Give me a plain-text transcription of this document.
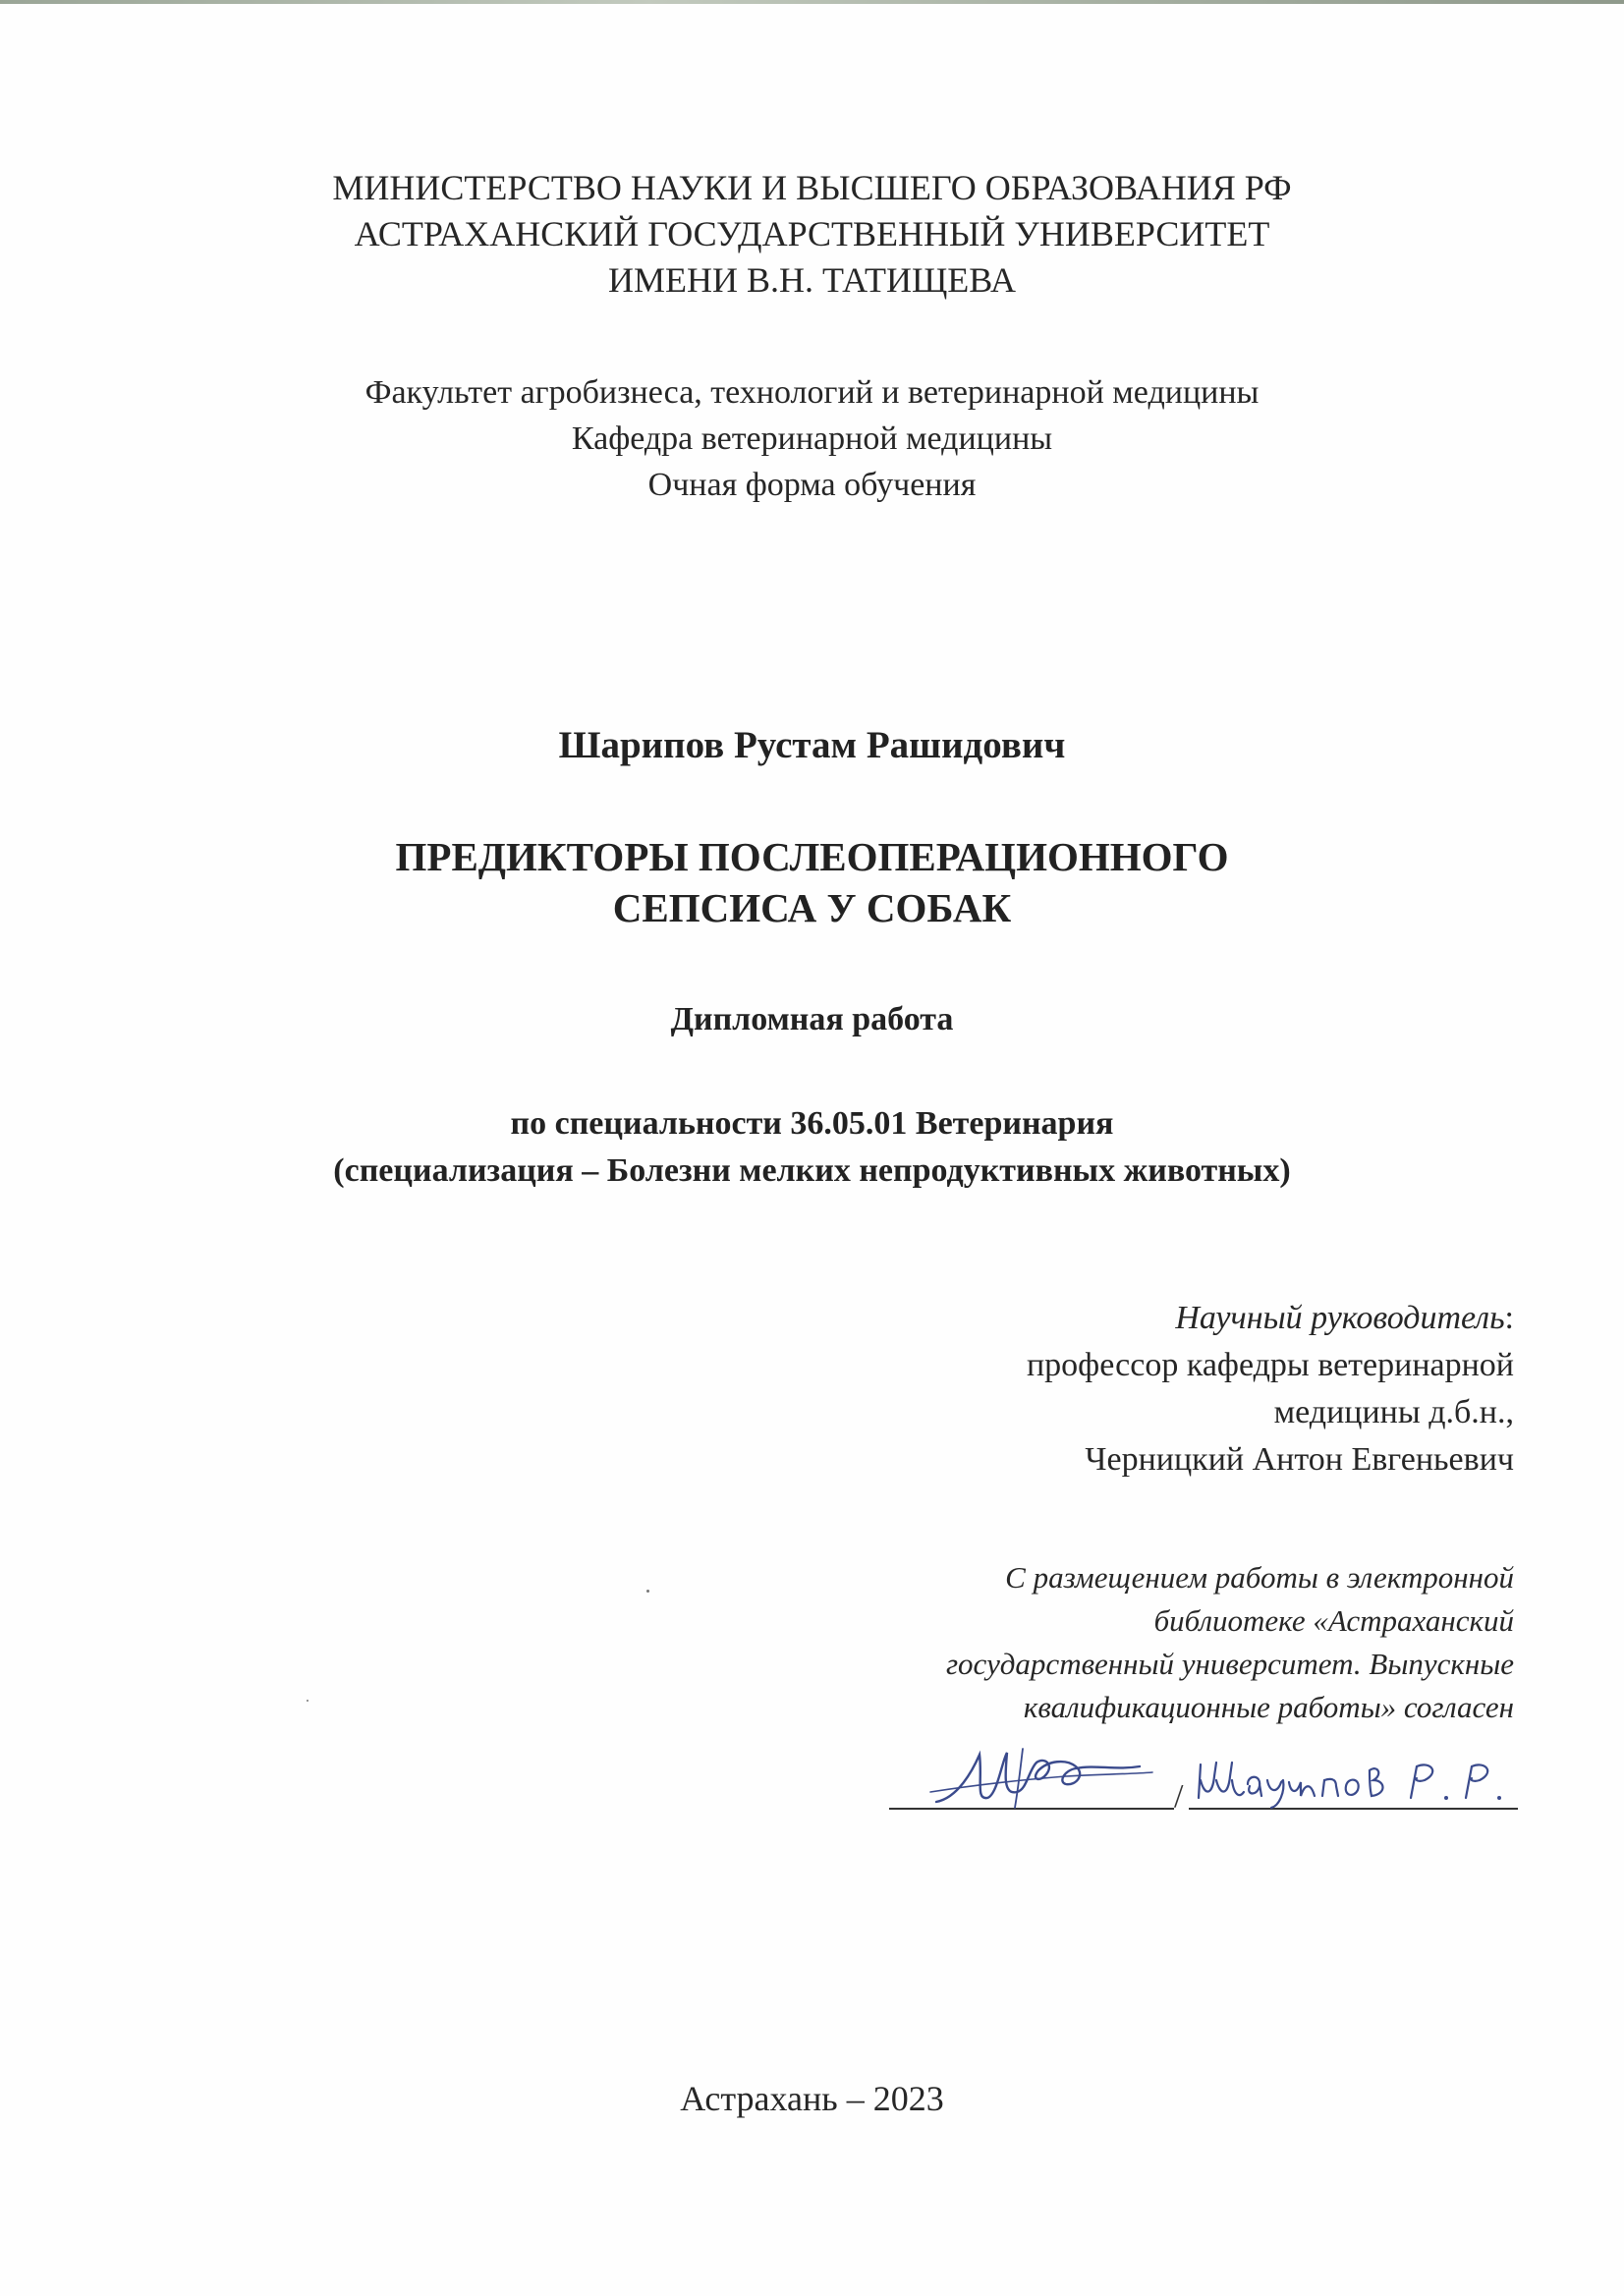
МИНИСТЕРСТВО НАУКИ И ВЫСШЕГО ОБРАЗОВАНИЯ РФ
АСТРАХАНСКИЙ ГОСУДАРСТВЕННЫЙ УНИВЕРСИТЕТ
ИМЕНИ В.Н. ТАТИЩЕВА
Факультет агробизнеса, технологий и ветеринарной медицины
Кафедра ветеринарной медицины
Очная форма обучения
Шарипов Рустам Рашидович
ПРЕДИКТОРЫ ПОСЛЕОПЕРАЦИОННОГО
СЕПСИСА У СОБАК
Дипломная работа
по специальности 36.05.01 Ветеринария
(специализация – Болезни мелких непродуктивных животных)
Научный руководитель:
профессор кафедры ветеринарной
медицины д.б.н.,
Черницкий Антон Евгеньевич
С размещением работы в электронной
библиотеке «Астраханский
государственный университет. Выпускные
квалификационные работы» согласен
/
Астрахань – 2023
